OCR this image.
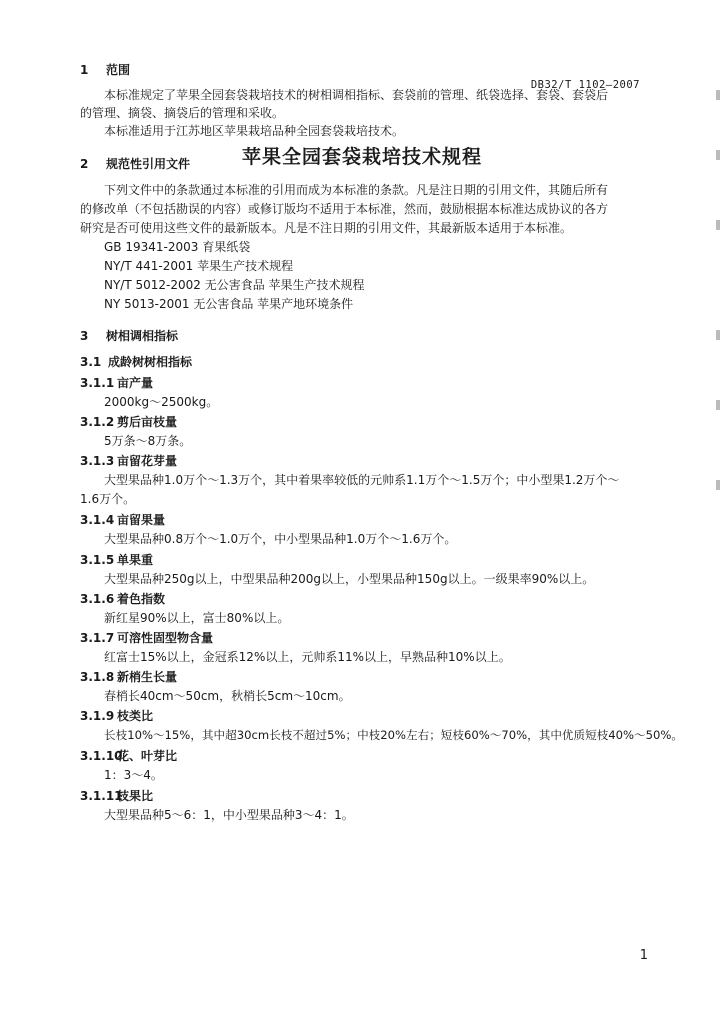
DB32/T 1102—2007
苹果全园套袋栽培技术规程
1 范围
本标准规定了苹果全园套袋栽培技术的树相调相指标、套袋前的管理、纸袋选择、套袋、套袋后
的管理、摘袋、摘袋后的管理和采收。
本标准适用于江苏地区苹果栽培品种全园套袋栽培技术。
2 规范性引用文件
下列文件中的条款通过本标准的引用而成为本标准的条款。凡是注日期的引用文件，其随后所有
的修改单（不包括勘误的内容）或修订版均不适用于本标准，然而，鼓励根据本标准达成协议的各方
研究是否可使用这些文件的最新版本。凡是不注日期的引用文件，其最新版本适用于本标准。
GB 19341-2003 育果纸袋
NY/T 441-2001 苹果生产技术规程
NY/T 5012-2002 无公害食品 苹果生产技术规程
NY 5013-2001 无公害食品 苹果产地环境条件
3 树相调相指标
3.1 成龄树树相指标
3.1.1 亩产量
2000kg～2500kg。
3.1.2 剪后亩枝量
5万条～8万条。
3.1.3 亩留花芽量
大型果品种1.0万个～1.3万个，其中着果率较低的元帅系1.1万个～1.5万个；中小型果1.2万个～
1.6万个。
3.1.4 亩留果量
大型果品种0.8万个～1.0万个，中小型果品种1.0万个～1.6万个。
3.1.5 单果重
大型果品种250g以上，中型果品种200g以上，小型果品种150g以上。一级果率90%以上。
3.1.6 着色指数
新红星90%以上，富士80%以上。
3.1.7 可溶性固型物含量
红富士15%以上，金冠系12%以上，元帅系11%以上，早熟品种10%以上。
3.1.8 新梢生长量
春梢长40cm～50cm，秋梢长5cm～10cm。
3.1.9 枝类比
长枝10%～15%，其中超30cm长枝不超过5%；中枝20%左右；短枝60%～70%，其中优质短枝40%～50%。
3.1.10花、叶芽比
1：3～4。
3.1.11枝果比
大型果品种5～6：1，中小型果品种3～4：1。
1
